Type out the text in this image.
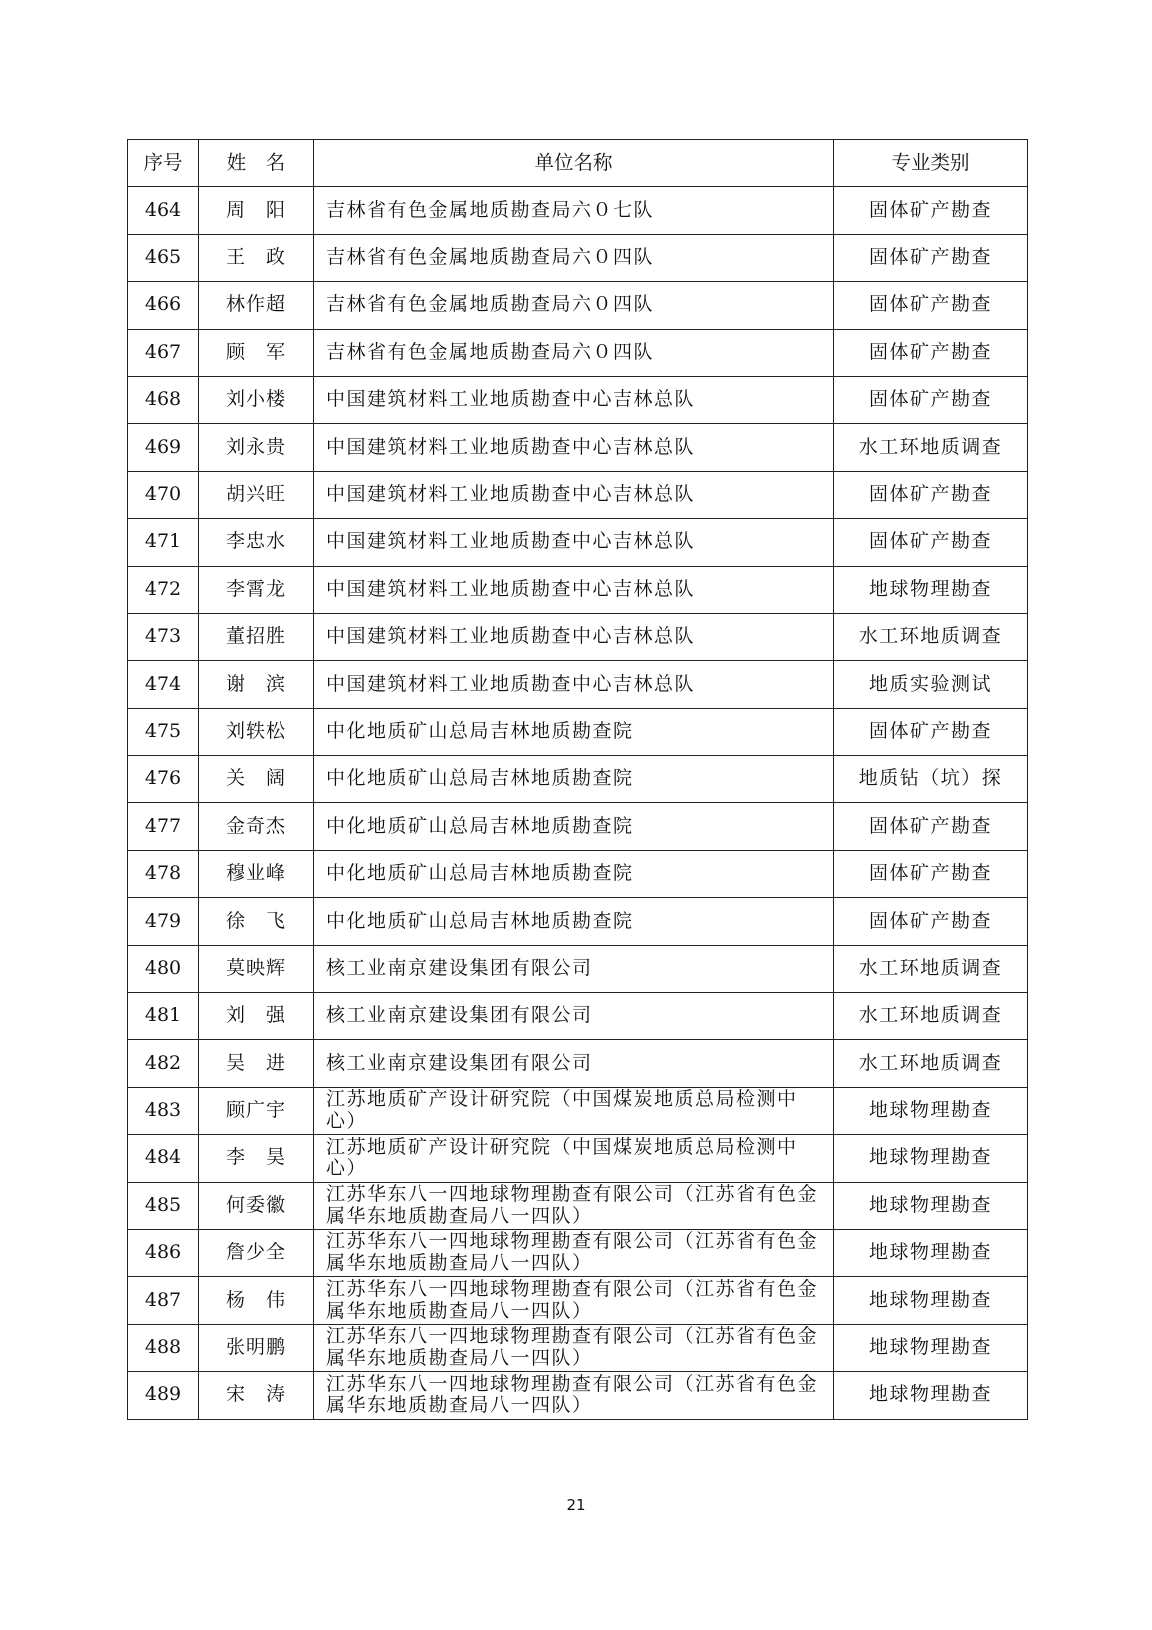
序号	姓　名	单位名称	专业类别
464	周　阳	吉林省有色金属地质勘查局六０七队	固体矿产勘查
465	王　政	吉林省有色金属地质勘查局六０四队	固体矿产勘查
466	林作超	吉林省有色金属地质勘查局六０四队	固体矿产勘查
467	顾　军	吉林省有色金属地质勘查局六０四队	固体矿产勘查
468	刘小楼	中国建筑材料工业地质勘查中心吉林总队	固体矿产勘查
469	刘永贵	中国建筑材料工业地质勘查中心吉林总队	水工环地质调查
470	胡兴旺	中国建筑材料工业地质勘查中心吉林总队	固体矿产勘查
471	李忠水	中国建筑材料工业地质勘查中心吉林总队	固体矿产勘查
472	李霄龙	中国建筑材料工业地质勘查中心吉林总队	地球物理勘查
473	董招胜	中国建筑材料工业地质勘查中心吉林总队	水工环地质调查
474	谢　滨	中国建筑材料工业地质勘查中心吉林总队	地质实验测试
475	刘轶松	中化地质矿山总局吉林地质勘查院	固体矿产勘查
476	关　阔	中化地质矿山总局吉林地质勘查院	地质钻（坑）探
477	金奇杰	中化地质矿山总局吉林地质勘查院	固体矿产勘查
478	穆业峰	中化地质矿山总局吉林地质勘查院	固体矿产勘查
479	徐　飞	中化地质矿山总局吉林地质勘查院	固体矿产勘查
480	莫映辉	核工业南京建设集团有限公司	水工环地质调查
481	刘　强	核工业南京建设集团有限公司	水工环地质调查
482	吴　进	核工业南京建设集团有限公司	水工环地质调查
483	顾广宇	江苏地质矿产设计研究院（中国煤炭地质总局检测中心）	地球物理勘查
484	李　昊	江苏地质矿产设计研究院（中国煤炭地质总局检测中心）	地球物理勘查
485	何委徽	江苏华东八一四地球物理勘查有限公司（江苏省有色金属华东地质勘查局八一四队）	地球物理勘查
486	詹少全	江苏华东八一四地球物理勘查有限公司（江苏省有色金属华东地质勘查局八一四队）	地球物理勘查
487	杨　伟	江苏华东八一四地球物理勘查有限公司（江苏省有色金属华东地质勘查局八一四队）	地球物理勘查
488	张明鹏	江苏华东八一四地球物理勘查有限公司（江苏省有色金属华东地质勘查局八一四队）	地球物理勘查
489	宋　涛	江苏华东八一四地球物理勘查有限公司（江苏省有色金属华东地质勘查局八一四队）	地球物理勘查
21
